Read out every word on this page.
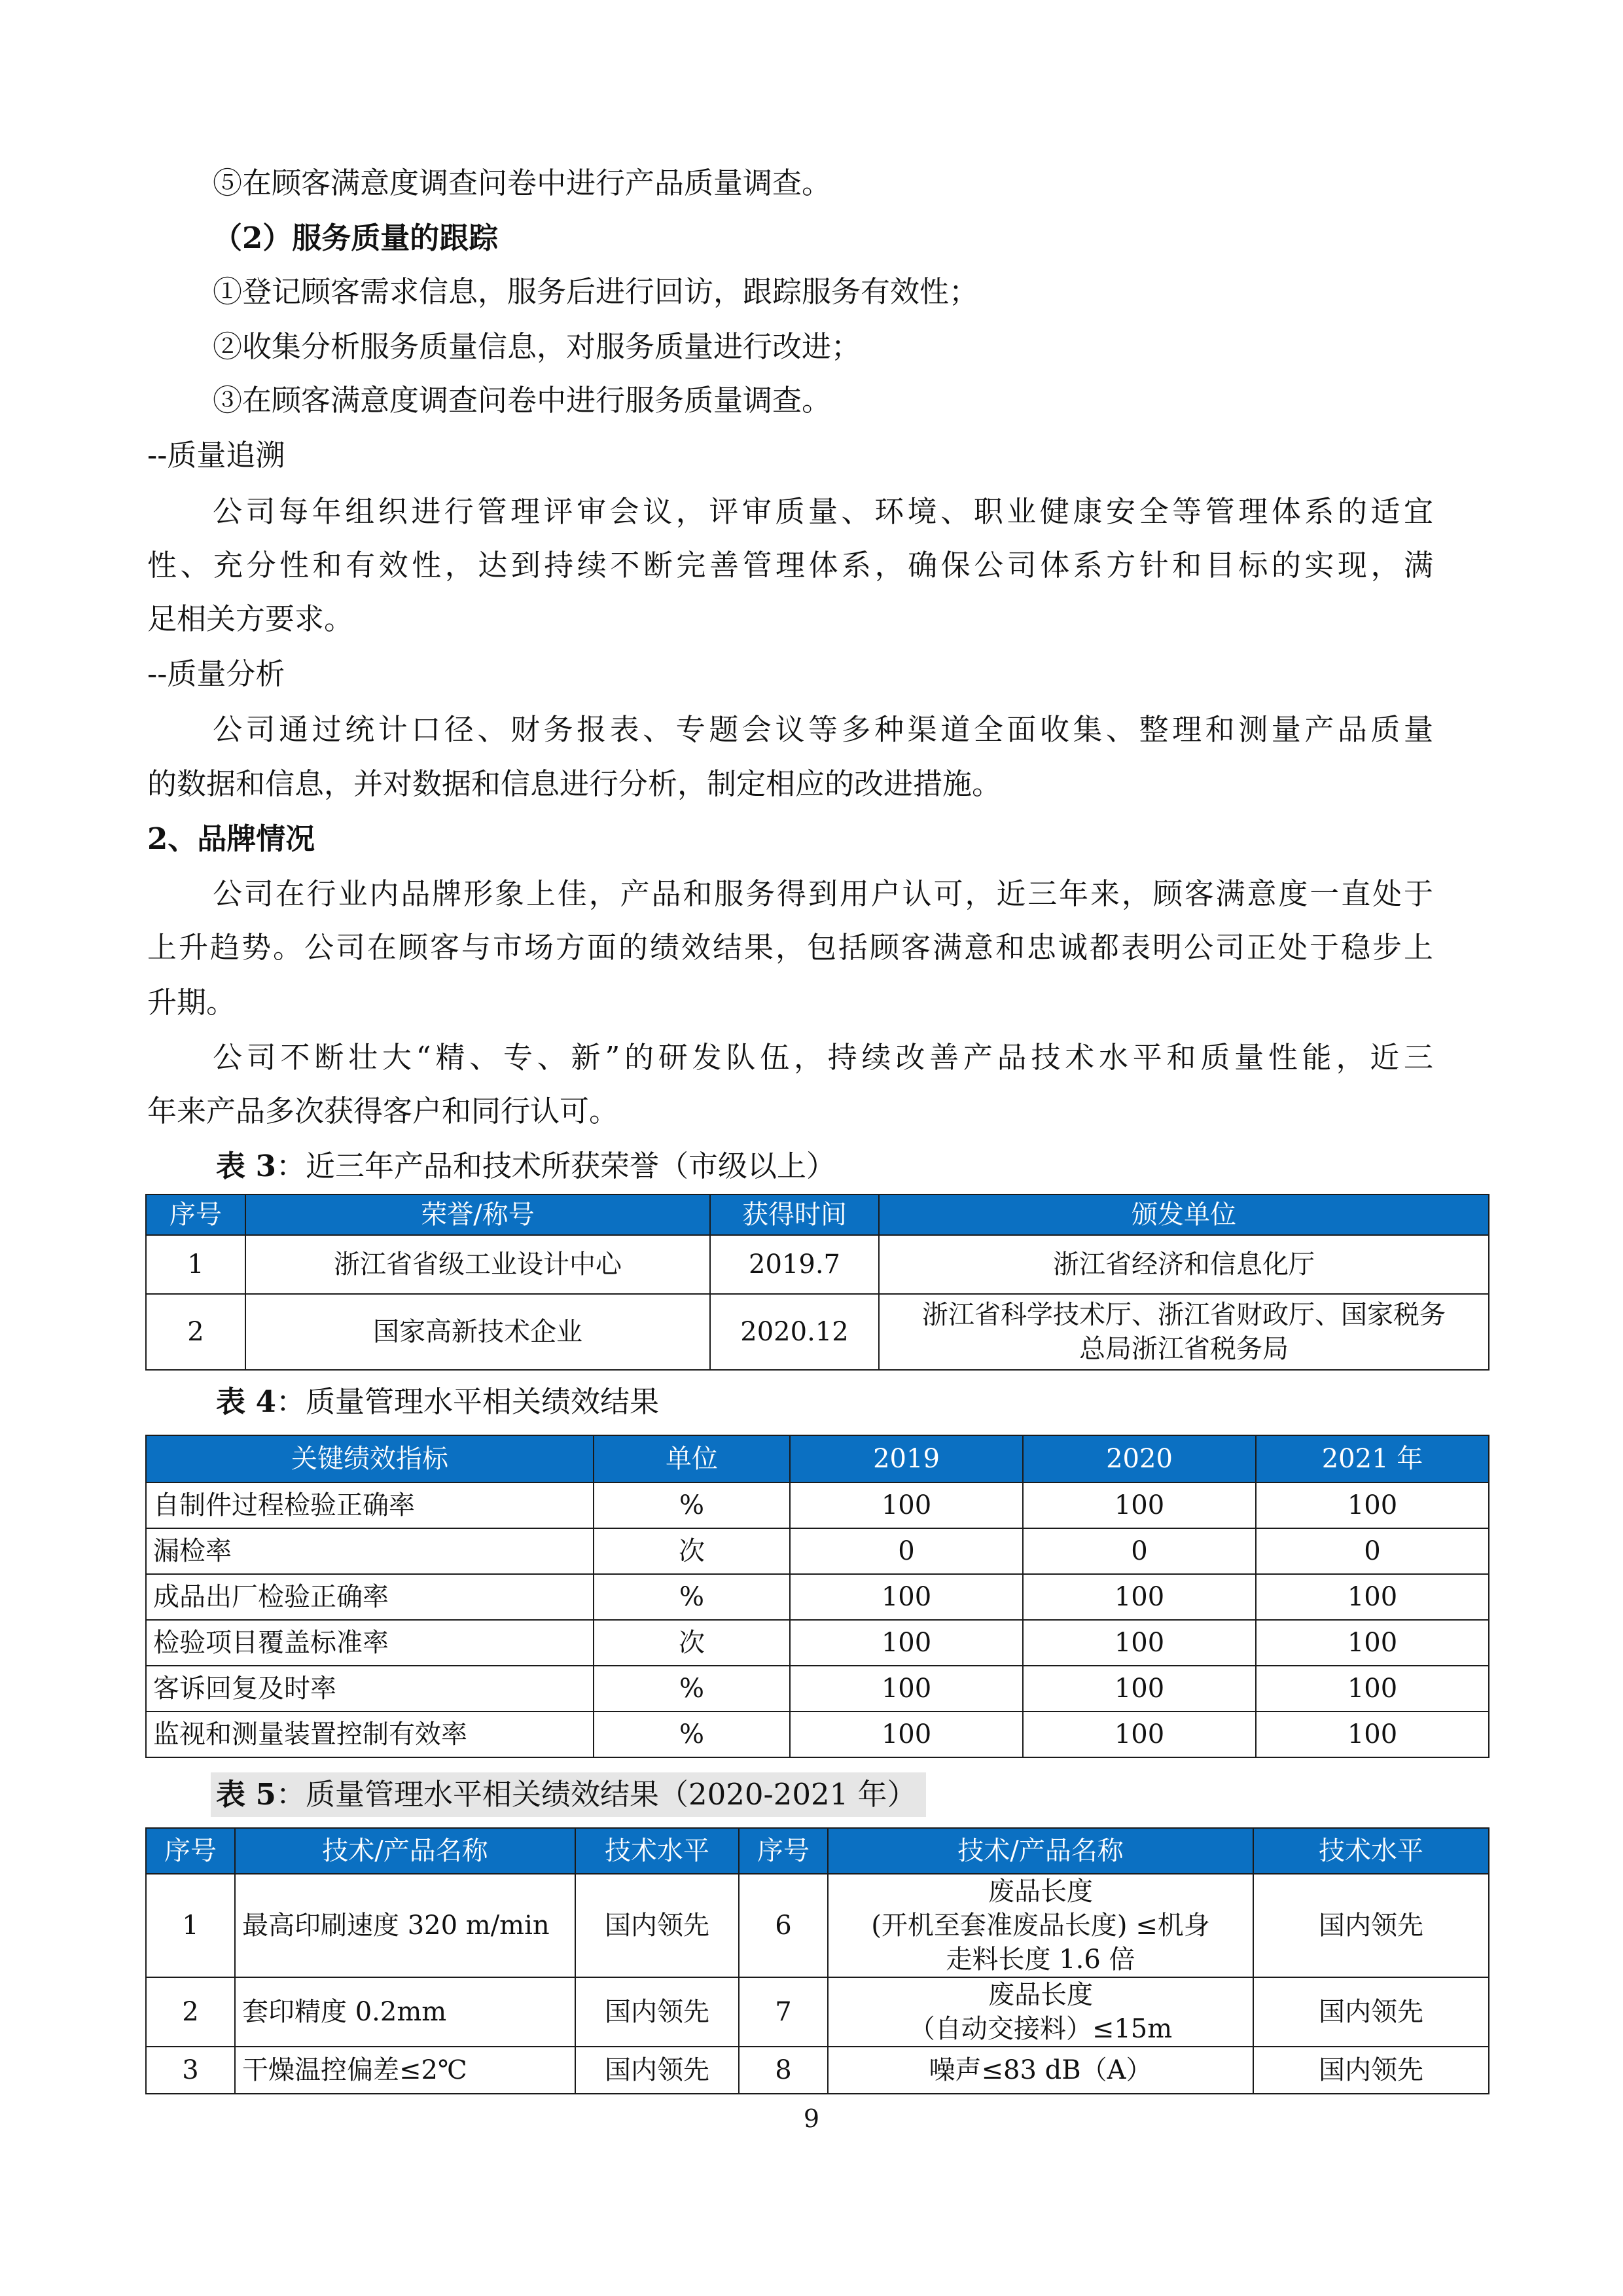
⑤在顾客满意度调查问卷中进行产品质量调查。
（2）服务质量的跟踪
①登记顾客需求信息，服务后进行回访，跟踪服务有效性；
②收集分析服务质量信息，对服务质量进行改进；
③在顾客满意度调查问卷中进行服务质量调查。
--质量追溯
公司每年组织进行管理评审会议，评审质量、环境、职业健康安全等管理体系的适宜
性、充分性和有效性，达到持续不断完善管理体系，确保公司体系方针和目标的实现，满
足相关方要求。
--质量分析
公司通过统计口径、财务报表、专题会议等多种渠道全面收集、整理和测量产品质量
的数据和信息，并对数据和信息进行分析，制定相应的改进措施。
2、品牌情况
公司在行业内品牌形象上佳，产品和服务得到用户认可，近三年来，顾客满意度一直处于
上升趋势。公司在顾客与市场方面的绩效结果，包括顾客满意和忠诚都表明公司正处于稳步上
升期。
公司不断壮大“精、专、新”的研发队伍，持续改善产品技术水平和质量性能，近三
年来产品多次获得客户和同行认可。
表 3：近三年产品和技术所获荣誉（市级以上）
序号	荣誉/称号	获得时间	颁发单位
1	浙江省省级工业设计中心	2019.7	浙江省经济和信息化厅
2	国家高新技术企业	2020.12	浙江省科学技术厅、浙江省财政厅、国家税务
总局浙江省税务局
表 4：质量管理水平相关绩效结果
关键绩效指标	单位	2019	2020	2021 年
自制件过程检验正确率	%	100	100	100
漏检率	次	0	0	0
成品出厂检验正确率	%	100	100	100
检验项目覆盖标准率	次	100	100	100
客诉回复及时率	%	100	100	100
监视和测量装置控制有效率	%	100	100	100
表 5：质量管理水平相关绩效结果（2020-2021 年）
序号	技术/产品名称	技术水平	序号	技术/产品名称	技术水平
1	最高印刷速度 320 m/min	国内领先	6	废品长度
(开机至套准废品长度) ≤机身
走料长度 1.6 倍	国内领先
2	套印精度 0.2mm	国内领先	7	废品长度
（自动交接料）≤15m	国内领先
3	干燥温控偏差≤2℃	国内领先	8	噪声≤83 dB（A）	国内领先
9
